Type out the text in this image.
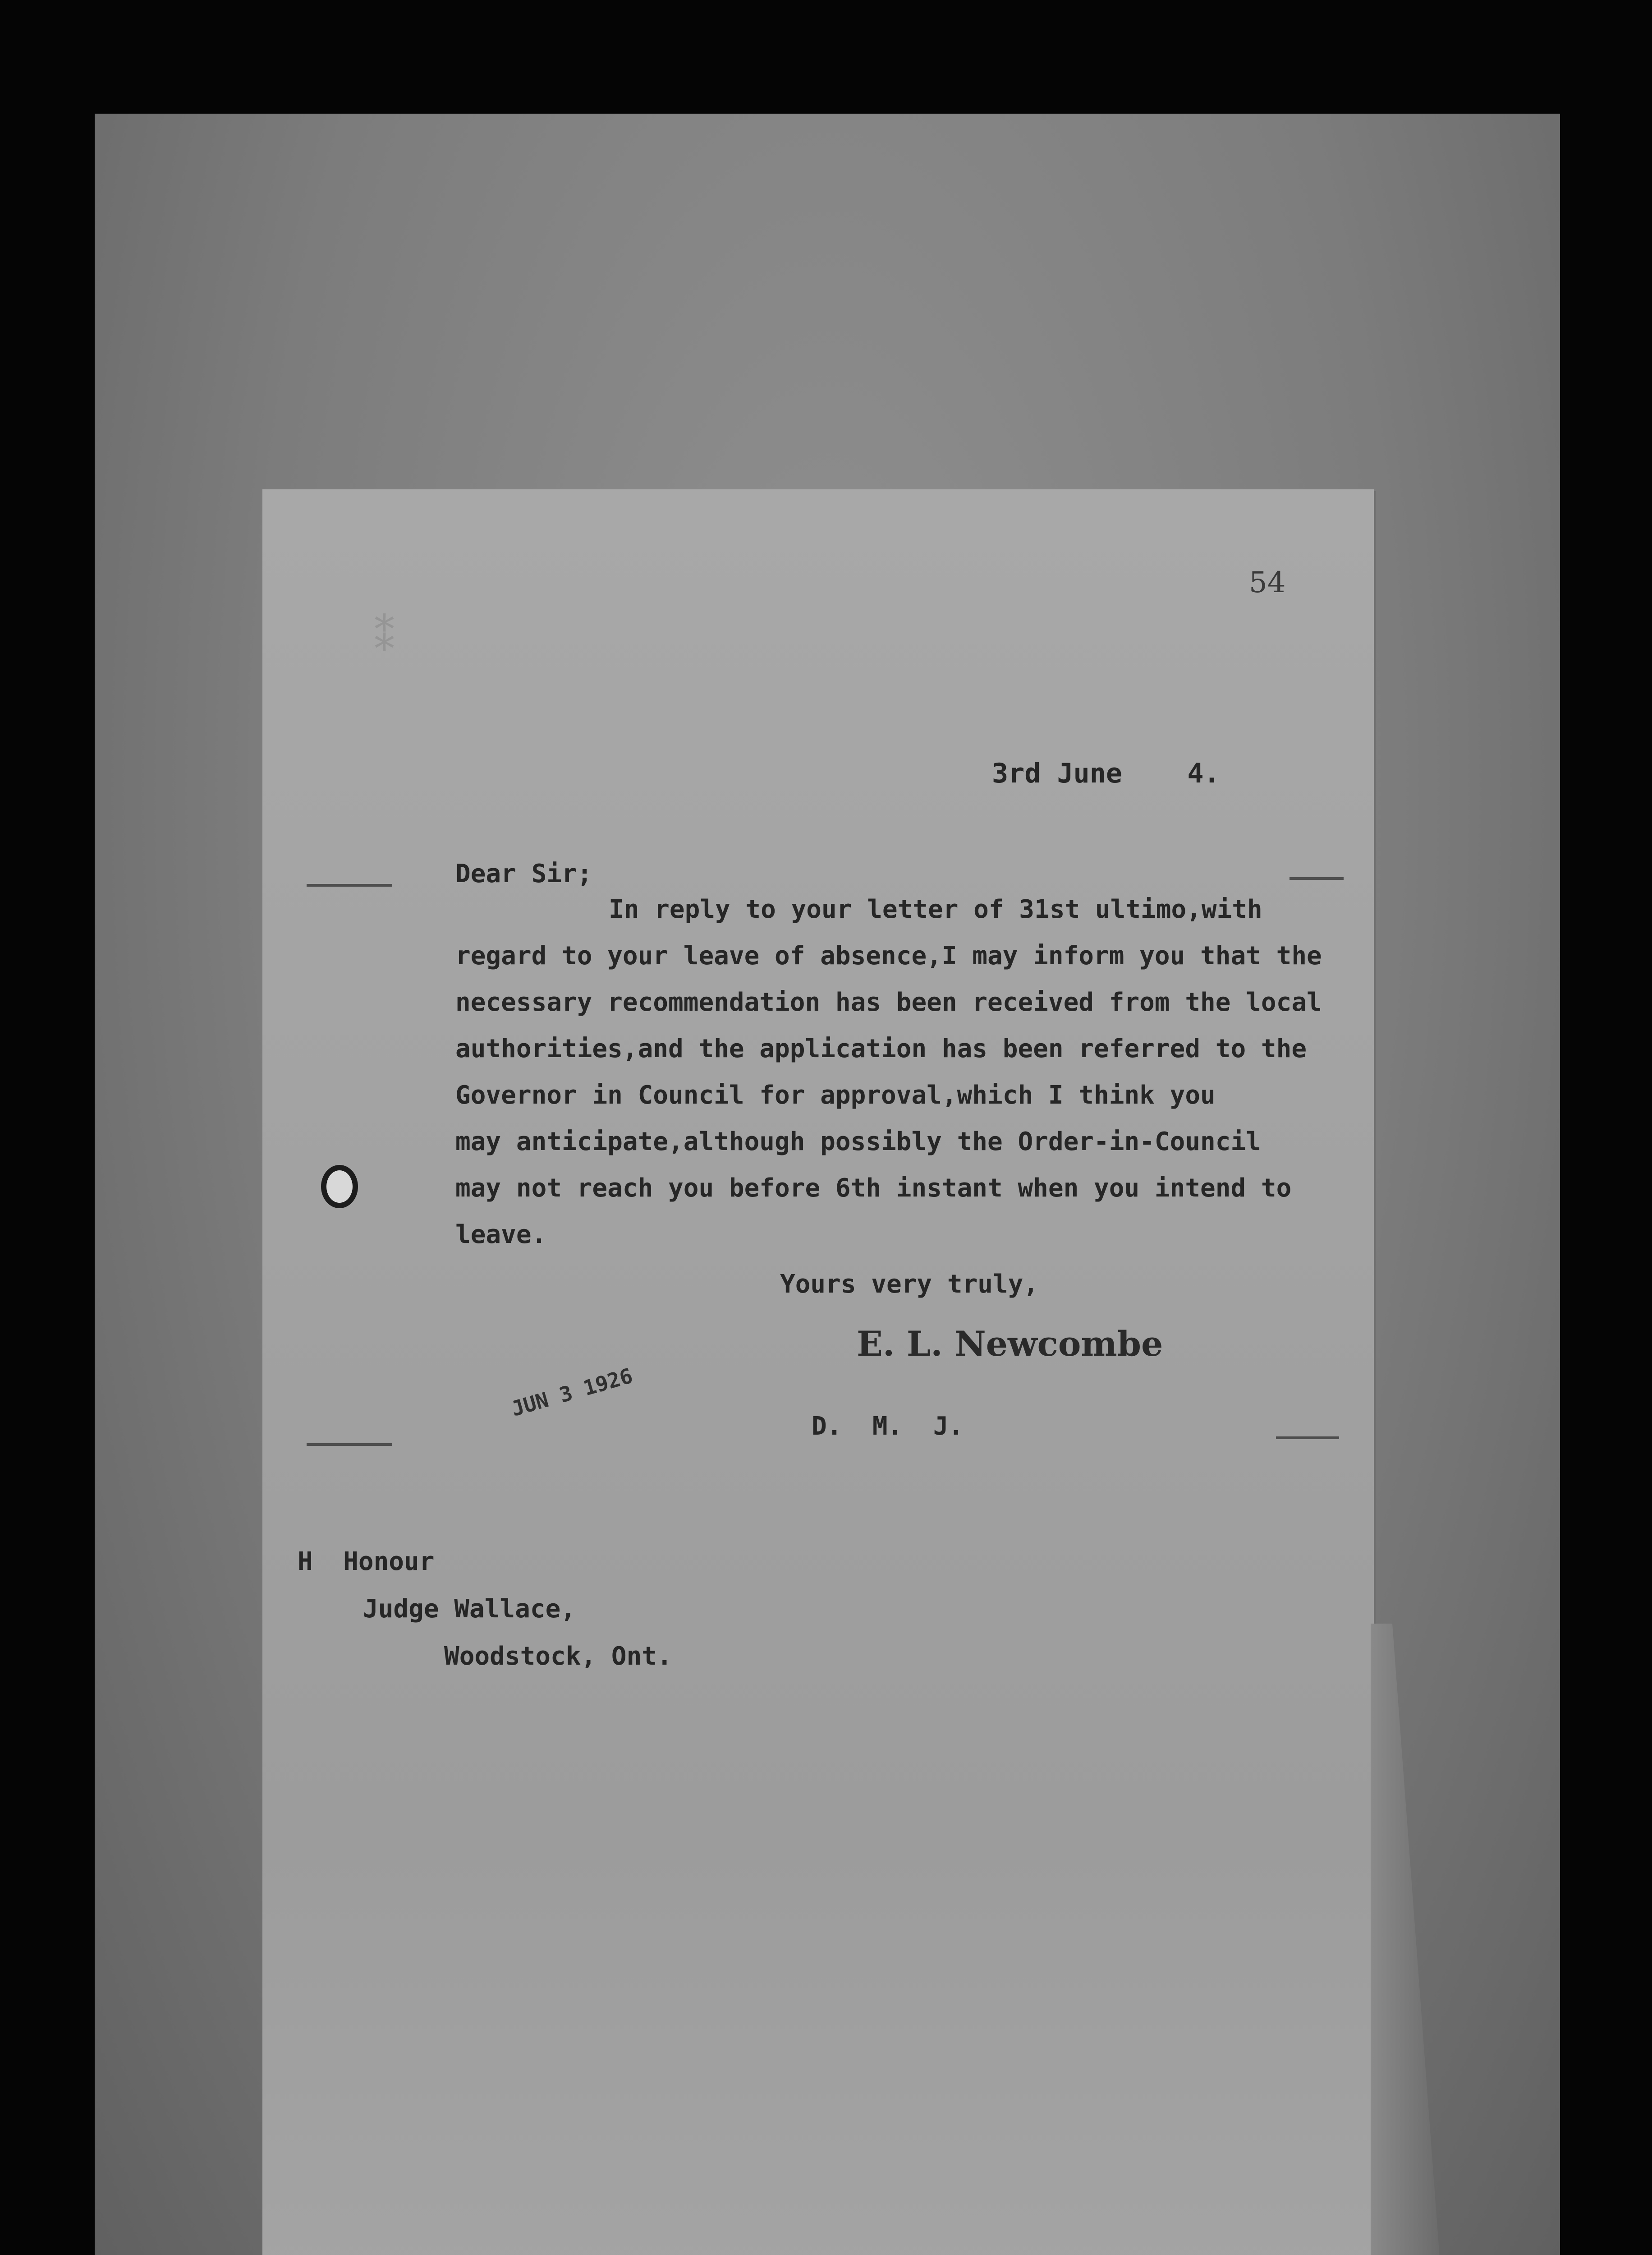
⁑
54
3rd June    4.
Dear Sir;
In reply to your letter of 31st ultimo,with
regard to your leave of absence,I may inform you that the
necessary recommendation has been received from the local
authorities,and the application has been referred to the
Governor in Council for approval,which I think you
may anticipate,although possibly the Order-in-Council
may not reach you before 6th instant when you intend to
leave.
Yours very truly,
E. L. Newcombe
JUN 3 1926
D.  M.  J.
H  Honour
Judge Wallace,
Woodstock, Ont.
